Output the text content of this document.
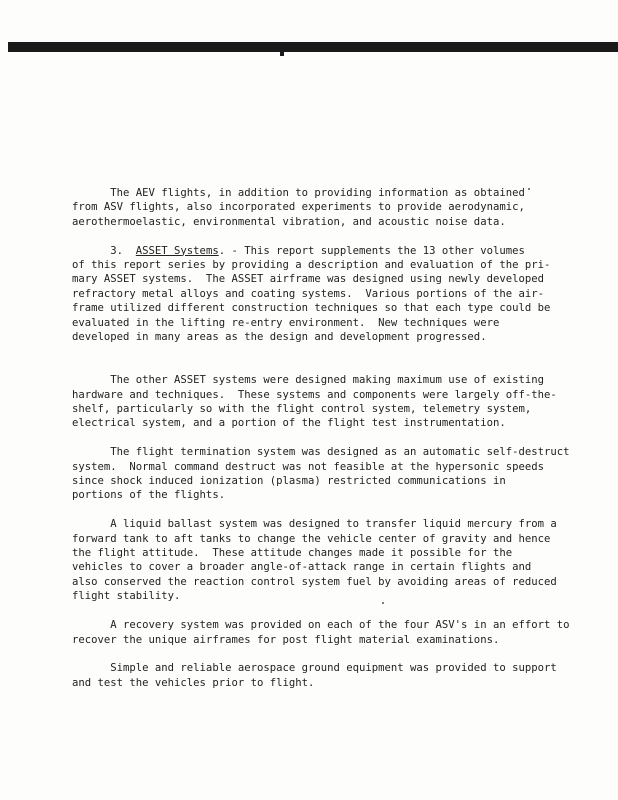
The AEV flights, in addition to providing information as obtained

from ASV flights, also incorporated experiments to provide aerodynamic,

aerothermoelastic, environmental vibration, and acoustic noise data.

3.  ASSET Systems. - This report supplements the 13 other volumes

of this report series by providing a description and evaluation of the pri-

mary ASSET systems.  The ASSET airframe was designed using newly developed

refractory metal alloys and coating systems.  Various portions of the air-

frame utilized different construction techniques so that each type could be

evaluated in the lifting re-entry environment.  New techniques were

developed in many areas as the design and development progressed.

The other ASSET systems were designed making maximum use of existing

hardware and techniques.  These systems and components were largely off-the-

shelf, particularly so with the flight control system, telemetry system,

electrical system, and a portion of the flight test instrumentation.

The flight termination system was designed as an automatic self-destruct

system.  Normal command destruct was not feasible at the hypersonic speeds

since shock induced ionization (plasma) restricted communications in

portions of the flights.

A liquid ballast system was designed to transfer liquid mercury from a

forward tank to aft tanks to change the vehicle center of gravity and hence

the flight attitude.  These attitude changes made it possible for the

vehicles to cover a broader angle-of-attack range in certain flights and

also conserved the reaction control system fuel by avoiding areas of reduced

flight stability.

A recovery system was provided on each of the four ASV's in an effort to

recover the unique airframes for post flight material examinations.

Simple and reliable aerospace ground equipment was provided to support

and test the vehicles prior to flight.
